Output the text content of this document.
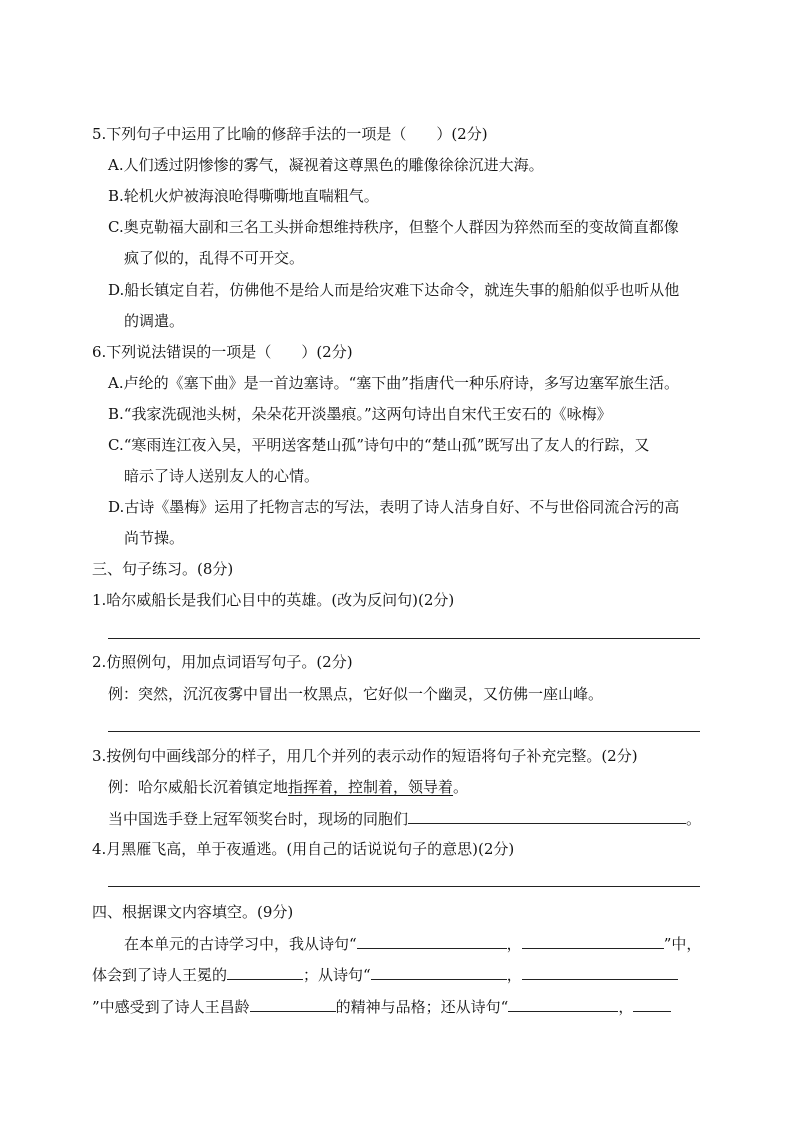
5.下列句子中运用了比喻的修辞手法的一项是（　　）(2分)
A.人们透过阴惨惨的雾气，凝视着这尊黑色的雕像徐徐沉进大海。
B.轮机火炉被海浪呛得嘶嘶地直喘粗气。
C.奥克勒福大副和三名工头拼命想维持秩序，但整个人群因为猝然而至的变故简直都像
疯了似的，乱得不可开交。
D.船长镇定自若，仿佛他不是给人而是给灾难下达命令，就连失事的船舶似乎也听从他
的调遣。
6.下列说法错误的一项是（　　）(2分)
A.卢纶的《塞下曲》是一首边塞诗。“塞下曲”指唐代一种乐府诗，多写边塞军旅生活。
B.“我家洗砚池头树，朵朵花开淡墨痕。”这两句诗出自宋代王安石的《咏梅》
C.“寒雨连江夜入吴，平明送客楚山孤”诗句中的“楚山孤”既写出了友人的行踪，又
暗示了诗人送别友人的心情。
D.古诗《墨梅》运用了托物言志的写法，表明了诗人洁身自好、不与世俗同流合污的高
尚节操。
三、句子练习。(8分)
1.哈尔威船长是我们心目中的英雄。(改为反问句)(2分)
2.仿照例句，用加点词语写句子。(2分)
例：突然，沉沉夜雾中冒出一枚黑点，它好似一个幽灵，又仿佛一座山峰。
3.按例句中画线部分的样子，用几个并列的表示动作的短语将句子补充完整。(2分)
例：哈尔威船长沉着镇定地指挥着，控制着，领导着。
当中国选手登上冠军领奖台时，现场的同胞们	。
4.月黑雁飞高，单于夜遁逃。(用自己的话说说句子的意思)(2分)
四、根据课文内容填空。(9分)
在本单元的古诗学习中，我从诗句“	，	”中，
体会到了诗人王冕的	；从诗句“	，
”中感受到了诗人王昌龄	的精神与品格；还从诗句“	，
